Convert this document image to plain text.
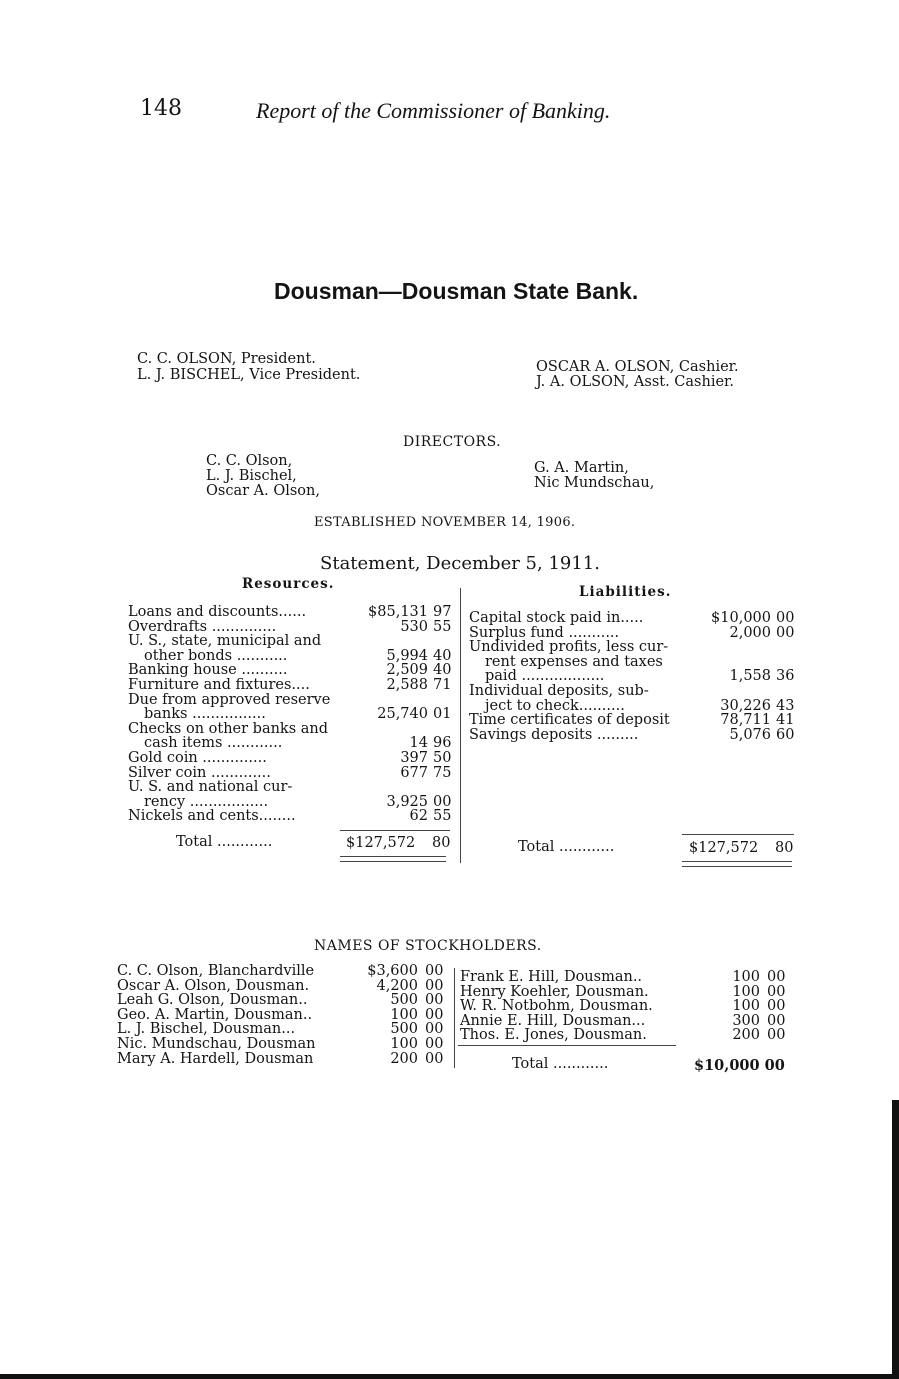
148	Report of the Commissioner of Banking.
Dousman—Dousman State Bank.
C. C. OLSON, President.
L. J. BISCHEL, Vice President.	OSCAR A. OLSON, Cashier.
J. A. OLSON, Asst. Cashier.
DIRECTORS.
C. C. Olson,
L. J. Bischel,
Oscar A. Olson,
G. A. Martin,
Nic Mundschau,
ESTABLISHED NOVEMBER 14, 1906.
Statement, December 5, 1911.
Resources.	Liabilities.
Loans and discounts......	$85,131 97
Overdrafts ..............	530 55
U. S., state, municipal and
other bonds ...........	5,994 40
Banking house ..........	2,509 40
Furniture and fixtures....	2,588 71
Due from approved reserve
banks ................	25,740 01
Checks on other banks and
cash items ............	14 96
Gold coin ..............	397 50
Silver coin .............	677 75
U. S. and national cur-
rency .................	3,925 00
Nickels and cents........	62 55
Capital stock paid in.....	$10,000 00
Surplus fund ...........	2,000 00
Undivided profits, less cur-
rent expenses and taxes
paid ..................	1,558 36
Individual deposits, sub-
ject to check..........	30,226 43
Time certificates of deposit	78,711 41
Savings deposits .........	5,076 60
Total ............	$127,572 80	Total ............	$127,572 80
NAMES OF STOCKHOLDERS.
C. C. Olson, Blanchardville	$3,600 00
Oscar A. Olson, Dousman.	4,200 00
Leah G. Olson, Dousman..	500 00
Geo. A. Martin, Dousman..	100 00
L. J. Bischel, Dousman...	500 00
Nic. Mundschau, Dousman	100 00
Mary A. Hardell, Dousman	200 00
Frank E. Hill, Dousman..	100 00
Henry Koehler, Dousman.	100 00
W. R. Notbohm, Dousman.	100 00
Annie E. Hill, Dousman...	300 00
Thos. E. Jones, Dousman.	200 00
Total ............	$10,000 00
